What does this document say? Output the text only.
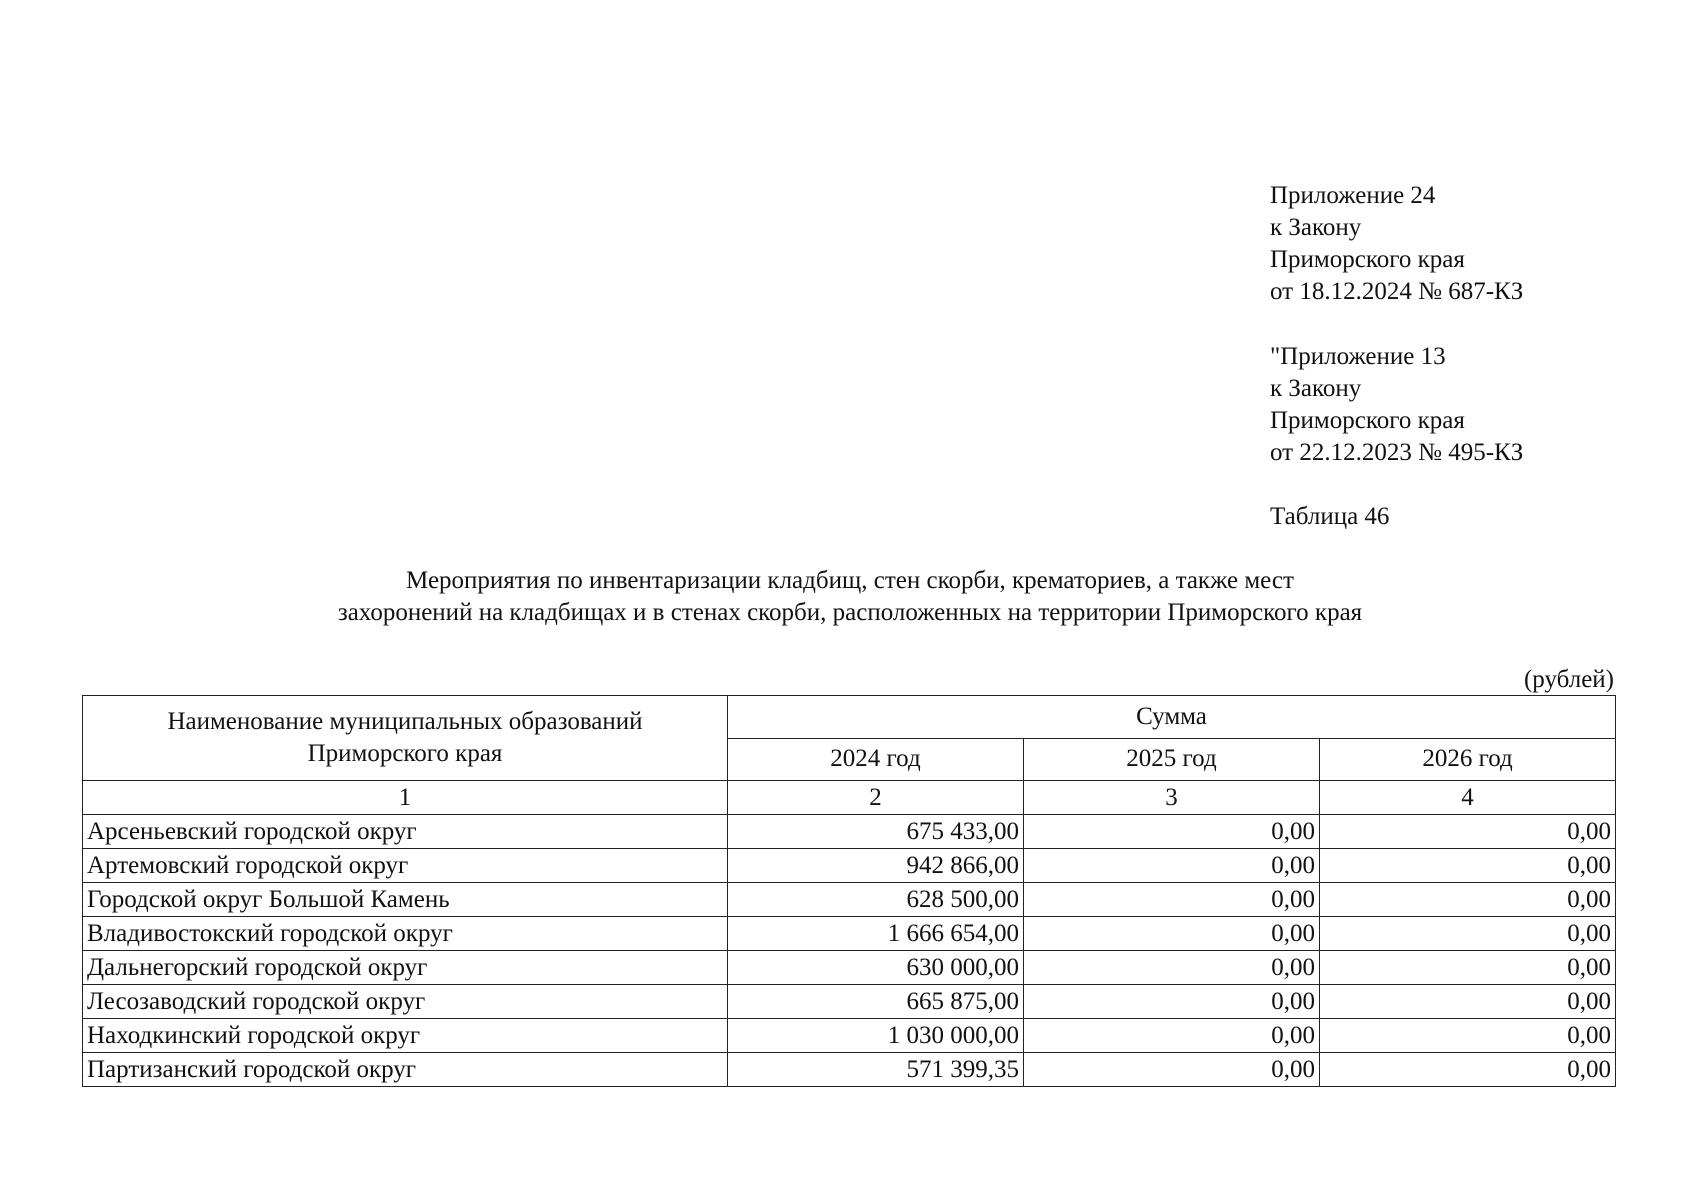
Приложение 24
к Закону
Приморского края
от 18.12.2024 № 687-КЗ
"Приложение 13
к Закону
Приморского края
от 22.12.2023 № 495-КЗ
Таблица 46
Мероприятия по инвентаризации кладбищ, стен скорби, крематориев, а также мест
захоронений на кладбищах и в стенах скорби, расположенных на территории Приморского края
(рублей)
Наименование муниципальных образований
Приморского края	Сумма		
	2024 год	2025 год	2026 год
1	2	3	4
Арсеньевский городской округ	675 433,00	0,00	0,00
Артемовский городской округ	942 866,00	0,00	0,00
Городской округ Большой Камень	628 500,00	0,00	0,00
Владивостокский городской округ	1 666 654,00	0,00	0,00
Дальнегорский городской округ	630 000,00	0,00	0,00
Лесозаводский городской округ	665 875,00	0,00	0,00
Находкинский городской округ	1 030 000,00	0,00	0,00
Партизанский городской округ	571 399,35	0,00	0,00
